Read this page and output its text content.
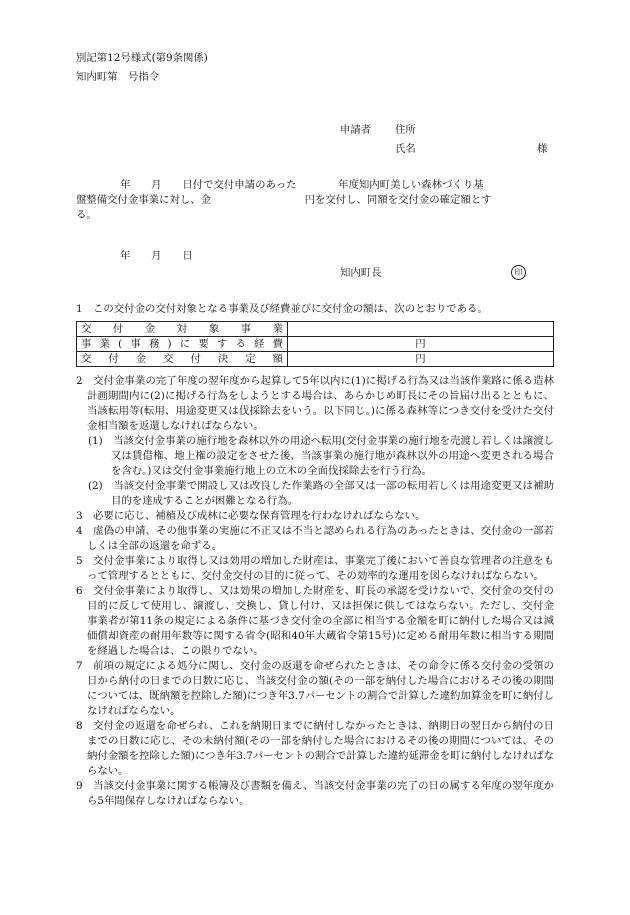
別記第12号様式(第9条関係)
知内町第　号指令
申請者 住所
氏名	様

年　　月　　日付で交付申請のあった　　　　年度知内町美しい森林づくり基

盤整備交付金事業に対し、金　　　　　　　　　円を交付し、同額を交付金の確定額とす

る。

年　　月　　日
知内町長	印
1　この交付金の交付対象となる事業及び経費並びに交付金の額は、次のとおりである。
交付金対象事業	
事業(事務)に要する経費	円
交付金交付決定額	円

2　交付金事業の完了年度の翌年度から起算して5年以内に(1)に掲げる行為又は当該作業路に係る造林計画期間内に(2)に掲げる行為をしようとする場合は、あらかじめ町長にその旨届け出るとともに、当該転用等(転用、用途変更又は伐採除去をいう。以下同じ。)に係る森林等につき交付を受けた交付金相当額を返還しなければならない。

(1)　当該交付金事業の施行地を森林以外の用途へ転用(交付金事業の施行地を売渡し若しくは譲渡し又は賃借権、地上権の設定をさせた後、当該事業の施行地が森林以外の用途へ変更される場合を含む。)又は交付金事業施行地上の立木の全面伐採除去を行う行為。

(2)　当該交付金事業で開設し又は改良した作業路の全部又は一部の転用若しくは用途変更又は補助目的を達成することが困難となる行為。

3　必要に応じ、補植及び成林に必要な保育管理を行わなければならない。

4　虚偽の申請、その他事業の実施に不正又は不当と認められる行為のあったときは、交付金の一部若しくは全部の返還を命ずる。

5　交付金事業により取得し又は効用の増加した財産は、事業完了後において善良な管理者の注意をもって管理するとともに、交付金交付の目的に従って、その効率的な運用を図らなければならない。

6　交付金事業により取得し、又は効果の増加した財産を、町長の承認を受けないで、交付金の交付の目的に反して使用し、譲渡し、交換し、貸し付け、又は担保に供してはならない。ただし、交付金事業者が第11条の規定による条件に基づき交付金の全部に相当する金額を町に納付した場合又は減価償却資産の耐用年数等に関する省令(昭和40年大蔵省令第15号)に定める耐用年数に相当する期間を経過した場合は、この限りでない。

7　前項の規定による処分に関し、交付金の返還を命ぜられたときは、その命令に係る交付金の受領の日から納付の日までの日数に応じ、当該交付金の額(その一部を納付した場合におけるその後の期間については、既納額を控除した額)につき年3.7パーセントの割合で計算した違約加算金を町に納付しなければならない。

8　交付金の返還を命ぜられ、これを納期日までに納付しなかったときは、納期日の翌日から納付の日までの日数に応じ、その未納付額(その一部を納付した場合におけるその後の期間については、その納付金額を控除した額)につき年3.7パーセントの割合で計算した違約延滞金を町に納付しなければならない。

9　当該交付金事業に関する帳簿及び書類を備え、当該交付金事業の完了の日の属する年度の翌年度から5年間保存しなければならない。
